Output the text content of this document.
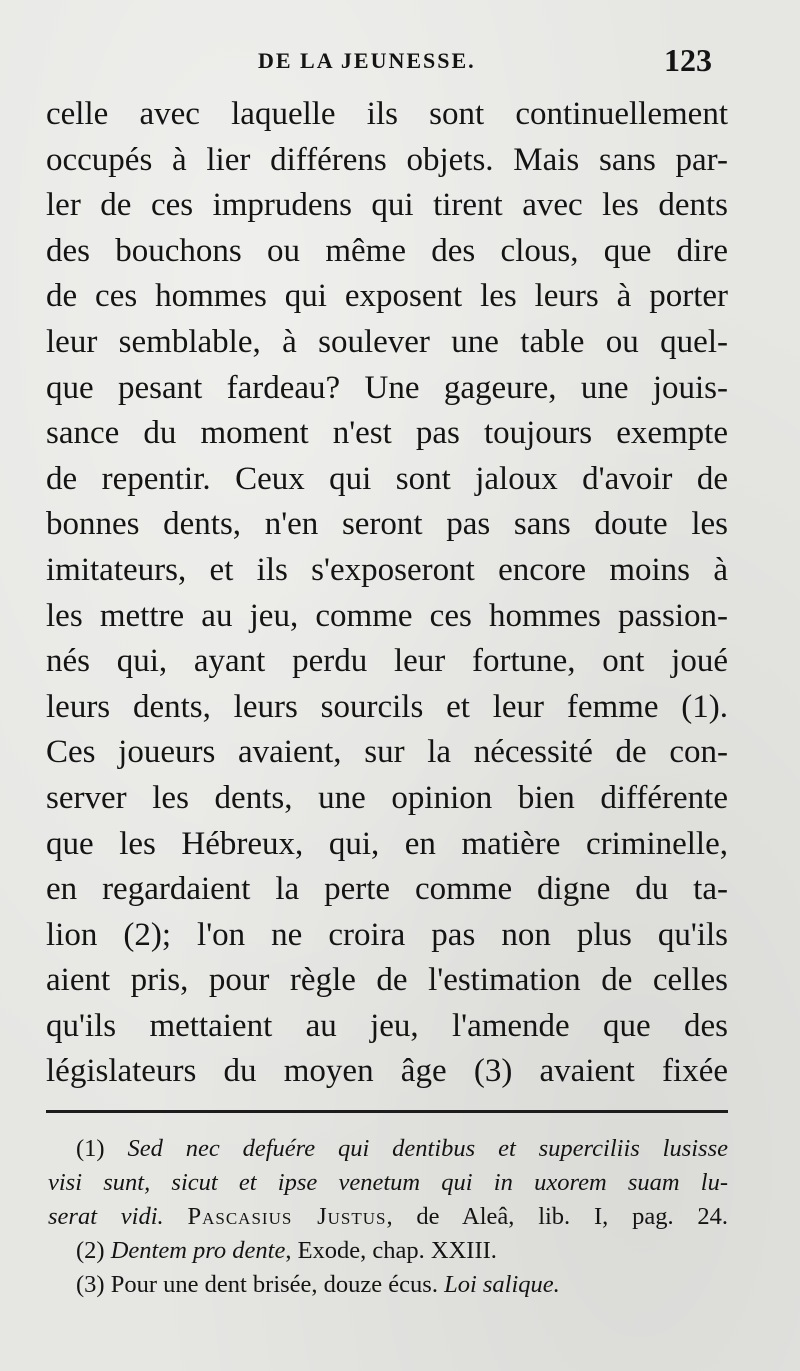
DE LA JEUNESSE.	123
celle avec laquelle ils sont continuellement
occupés à lier différens objets. Mais sans par-
ler de ces imprudens qui tirent avec les dents
des bouchons ou même des clous, que dire
de ces hommes qui exposent les leurs à porter
leur semblable, à soulever une table ou quel-
que pesant fardeau? Une gageure, une jouis-
sance du moment n'est pas toujours exempte
de repentir. Ceux qui sont jaloux d'avoir de
bonnes dents, n'en seront pas sans doute les
imitateurs, et ils s'exposeront encore moins à
les mettre au jeu, comme ces hommes passion-
nés qui, ayant perdu leur fortune, ont joué
leurs dents, leurs sourcils et leur femme (1).
Ces joueurs avaient, sur la nécessité de con-
server les dents, une opinion bien différente
que les Hébreux, qui, en matière criminelle,
en regardaient la perte comme digne du ta-
lion (2); l'on ne croira pas non plus qu'ils
aient pris, pour règle de l'estimation de celles
qu'ils mettaient au jeu, l'amende que des
législateurs du moyen âge (3) avaient fixée
(1) Sed nec defuére qui dentibus et superciliis lusisse
visi sunt, sicut et ipse venetum qui in uxorem suam lu-
serat vidi. Pascasius Justus, de Aleâ, lib. I, pag. 24.
(2) Dentem pro dente, Exode, chap. XXIII.
(3) Pour une dent brisée, douze écus. Loi salique.
